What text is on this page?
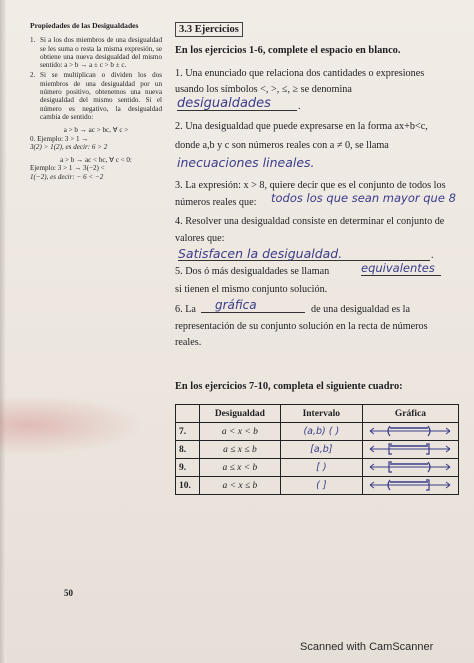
Propiedades de las Desigualdades
1. Si a los dos miembros de una desigualdad se les suma o resta la misma expresión, se obtiene una nueva desigualdad del mismo sentido: a > b → a ± c > b ± c.
2. Si se multiplican o dividen los dos miembros de una desigualdad por un número positivo, obtenemos una nueva desigualdad del mismo sentido. Si el número es negativo, la desigualdad cambia de sentido:
a > b → ac > bc, ∀ c >
0. Ejemplo: 3 > 1 →
3(2) > 1(2), es decir: 6 > 2
a > b → ac < bc, ∀ c < 0:
Ejemplo: 3 > 1 → 3(−2) <
1(−2), es decir: − 6 < −2
50
3.3 Ejercicios
En los ejercicios 1-6, complete el espacio en blanco.
1. Una enunciado que relaciona dos cantidades o expresiones
usando los símbolos <, >, ≤, ≥ se denomina
desigualdades	.
2. Una desigualdad que puede expresarse en la forma ax+b<c,
donde a,b y c son números reales con a ≠ 0, se llama
inecuaciones lineales.
3. La expresión: x > 8, quiere decir que es el conjunto de todos los
números reales que: todos los que sean mayor que 8
4. Resolver una desigualdad consiste en determinar el conjunto de
valores que:
Satisfacen la desigualdad.	.
5. Dos ó más desigualdades se llaman	equivalentes
si tienen el mismo conjunto solución.
6. La	gráfica	de una desigualdad es la
representación de su conjunto solución en la recta de números
reales.
En los ejercicios 7-10, completa el siguiente cuadro:
	Desigualdad	Intervalo	Gráfica
7.	a < x < b	(a,b) ( )	
8.	a ≤ x ≤ b	[a,b]	
9.	a ≤ x < b	[ )	
10.	a < x ≤ b	( ]	
Scanned with CamScanner
